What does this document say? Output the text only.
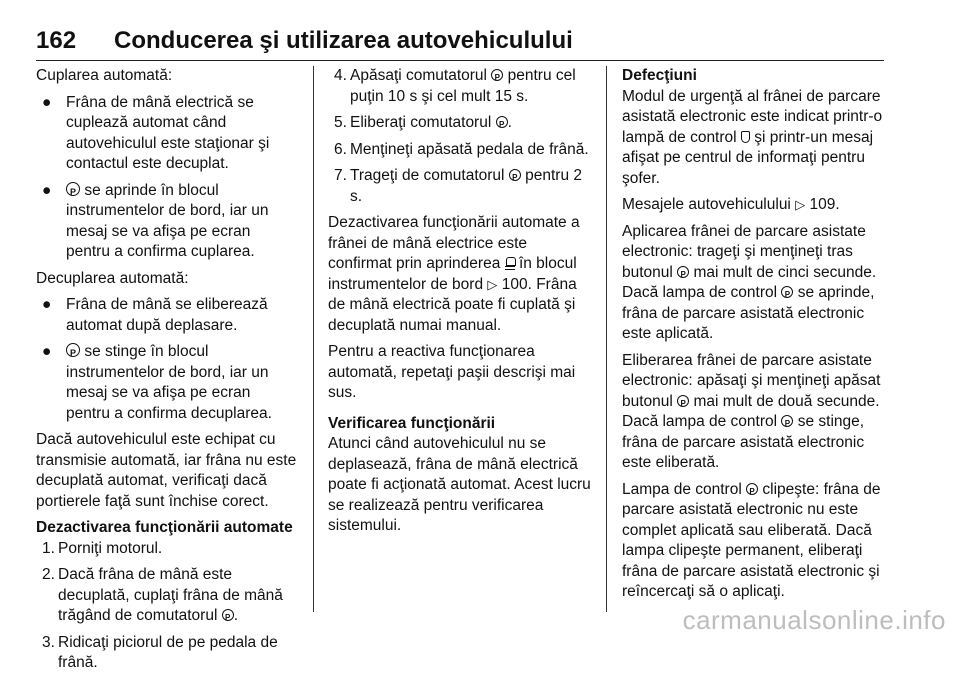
162 Conducerea şi utilizarea autovehiculului

Cuplarea automată:

● Frâna de mână electrică se cuplează automat când autovehiculul este staţionar şi contactul este decuplat.
● P se aprinde în blocul instrumentelor de bord, iar un mesaj se va afişa pe ecran pentru a confirma cuplarea.

Decuplarea automată:

● Frâna de mână se eliberează automat după deplasare.
● P se stinge în blocul instrumentelor de bord, iar un mesaj se va afişa pe ecran pentru a confirma decuplarea.

Dacă autovehiculul este echipat cu transmisie automată, iar frâna nu este decuplată automat, verificaţi dacă portierele faţă sunt închise corect.

Dezactivarea funcţionării automate

1. Porniţi motorul.
2. Dacă frâna de mână este decuplată, cuplaţi frâna de mână trăgând de comutatorul P .
3. Ridicaţi piciorul de pe pedala de frână.
4. Apăsaţi comutatorul P pentru cel puţin 10 s şi cel mult 15 s.
5. Eliberaţi comutatorul P .
6. Menţineţi apăsată pedala de frână.
7. Trageţi de comutatorul P pentru 2 s.

Dezactivarea funcţionării automate a frânei de mână electrice este confirmat prin aprinderea în blocul instrumentelor de bord ▷ 100. Frâna de mână electrică poate fi cuplată şi decuplată numai manual.

Pentru a reactiva funcţionarea automată, repetaţi paşii descrişi mai sus.

Verificarea funcţionării

Atunci când autovehiculul nu se deplasează, frâna de mână electrică poate fi acţionată automat. Acest lucru se realizează pentru verificarea sistemului.

Defecţiuni

Modul de urgenţă al frânei de parcare asistată electronic este indicat printr-o lampă de control şi printr-un mesaj afişat pe centrul de informaţi pentru şofer.

Mesajele autovehiculului ▷ 109.

Aplicarea frânei de parcare asistate electronic: trageţi şi menţineţi tras butonul P mai mult de cinci secunde. Dacă lampa de control P se aprinde, frâna de parcare asistată electronic este aplicată.

Eliberarea frânei de parcare asistate electronic: apăsaţi şi menţineţi apăsat butonul P mai mult de două secunde. Dacă lampa de control P se stinge, frâna de parcare asistată electronic este eliberată.

Lampa de control P clipeşte: frâna de parcare asistată electronic nu este complet aplicată sau eliberată. Dacă lampa clipeşte permanent, eliberaţi frâna de parcare asistată electronic şi reîncercaţi să o aplicaţi.

carmanualsonline.info
